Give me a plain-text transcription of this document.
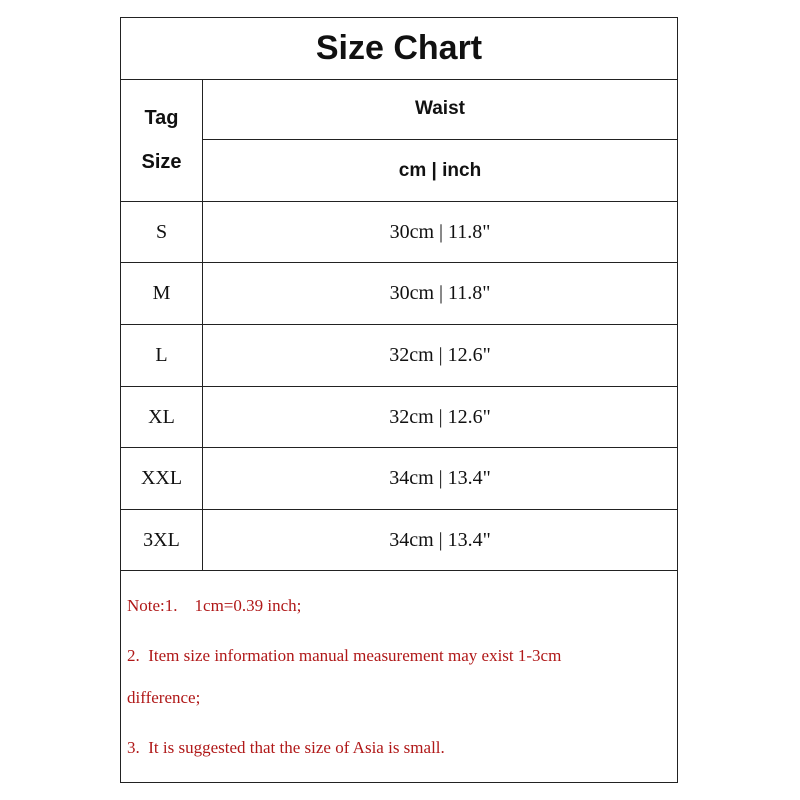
Size Chart
Tag
Size	Waist
	cm | inch
S	30cm | 11.8"
M	30cm | 11.8"
L	32cm | 12.6"
XL	32cm | 12.6"
XXL	34cm | 13.4"
3XL	34cm | 13.4"
Note:1.    1cm=0.39 inch;
2.  Item size information manual measurement may exist 1-3cm
difference;
3.  It is suggested that the size of Asia is small.
